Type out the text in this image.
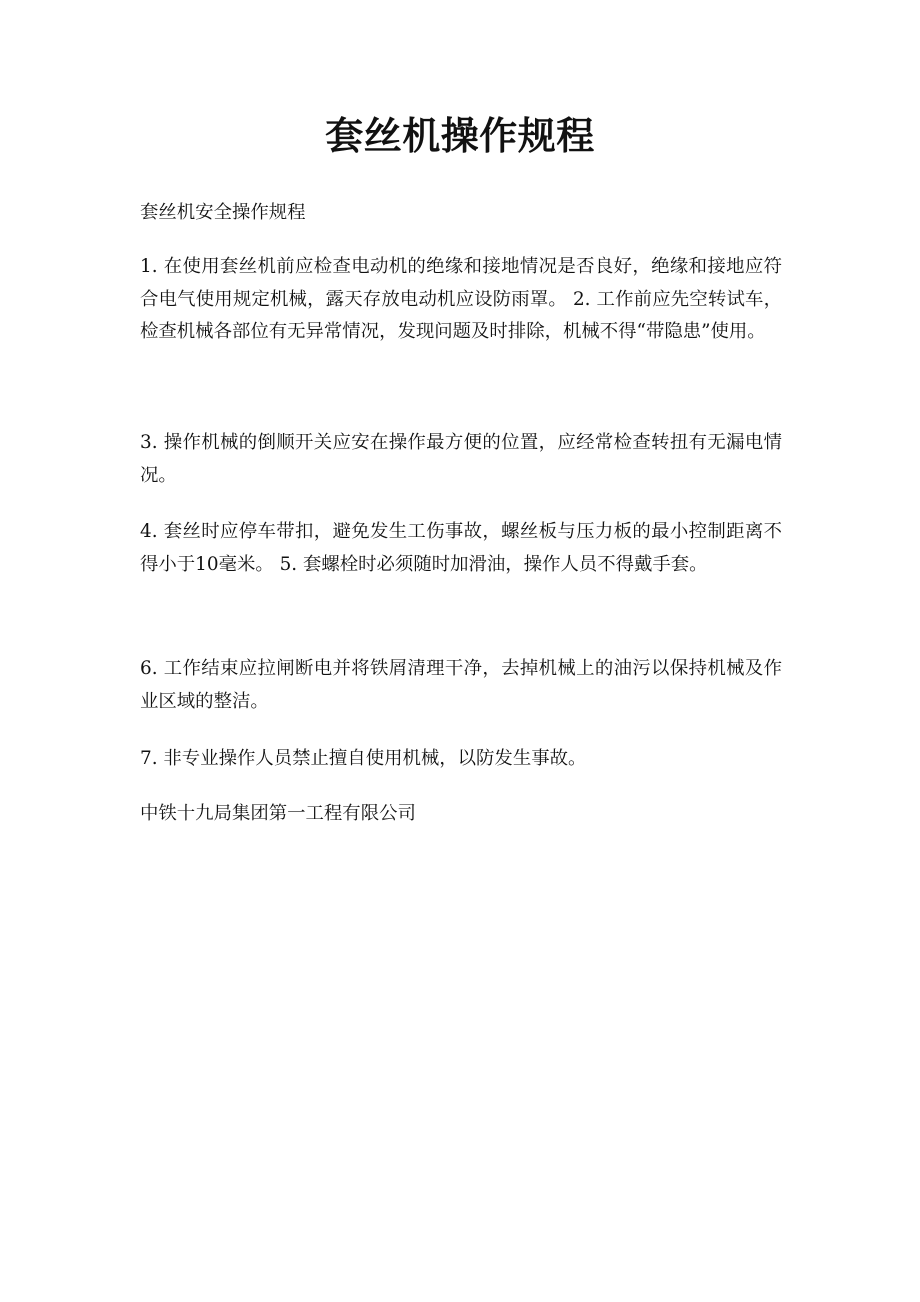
套丝机操作规程

套丝机安全操作规程

1. 在使用套丝机前应检查电动机的绝缘和接地情况是否良好，绝缘和接地应符合电气使用规定机械，露天存放电动机应设防雨罩。 2. 工作前应先空转试车，检查机械各部位有无异常情况，发现问题及时排除，机械不得“带隐患”使用。

3. 操作机械的倒顺开关应安在操作最方便的位置，应经常检查转扭有无漏电情况。

4. 套丝时应停车带扣，避免发生工伤事故，螺丝板与压力板的最小控制距离不得小于10毫米。 5. 套螺栓时必须随时加滑油，操作人员不得戴手套。

6. 工作结束应拉闸断电并将铁屑清理干净，去掉机械上的油污以保持机械及作业区域的整洁。

7. 非专业操作人员禁止擅自使用机械，以防发生事故。

中铁十九局集团第一工程有限公司
